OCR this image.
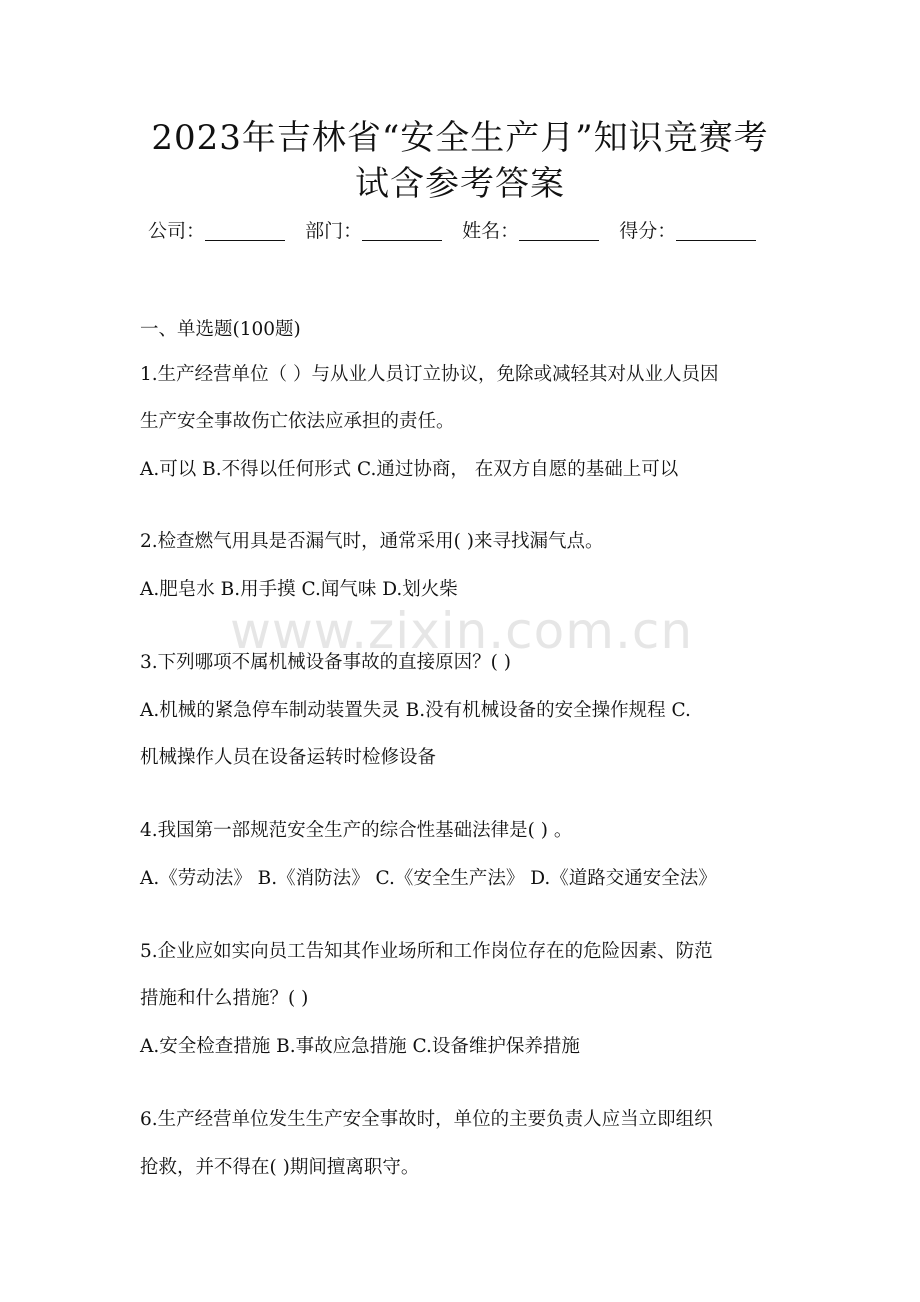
2023年吉林省“安全生产月”知识竞赛考
试含参考答案
公司：	部门：	姓名：	得分：
www.zixin.com.cn
一、单选题(100题)
1.生产经营单位（ ）与从业人员订立协议，免除或减轻其对从业人员因
生产安全事故伤亡依法应承担的责任。
A.可以 B.不得以任何形式 C.通过协商， 在双方自愿的基础上可以
2.检查燃气用具是否漏气时，通常采用( )来寻找漏气点。
A.肥皂水 B.用手摸 C.闻气味 D.划火柴
3.下列哪项不属机械设备事故的直接原因？( )
A.机械的紧急停车制动装置失灵 B.没有机械设备的安全操作规程 C.
机械操作人员在设备运转时检修设备
4.我国第一部规范安全生产的综合性基础法律是( ) 。
A.《劳动法》 B.《消防法》 C.《安全生产法》 D.《道路交通安全法》
5.企业应如实向员工告知其作业场所和工作岗位存在的危险因素、防范
措施和什么措施？( )
A.安全检查措施 B.事故应急措施 C.设备维护保养措施
6.生产经营单位发生生产安全事故时，单位的主要负责人应当立即组织
抢救，并不得在( )期间擅离职守。
